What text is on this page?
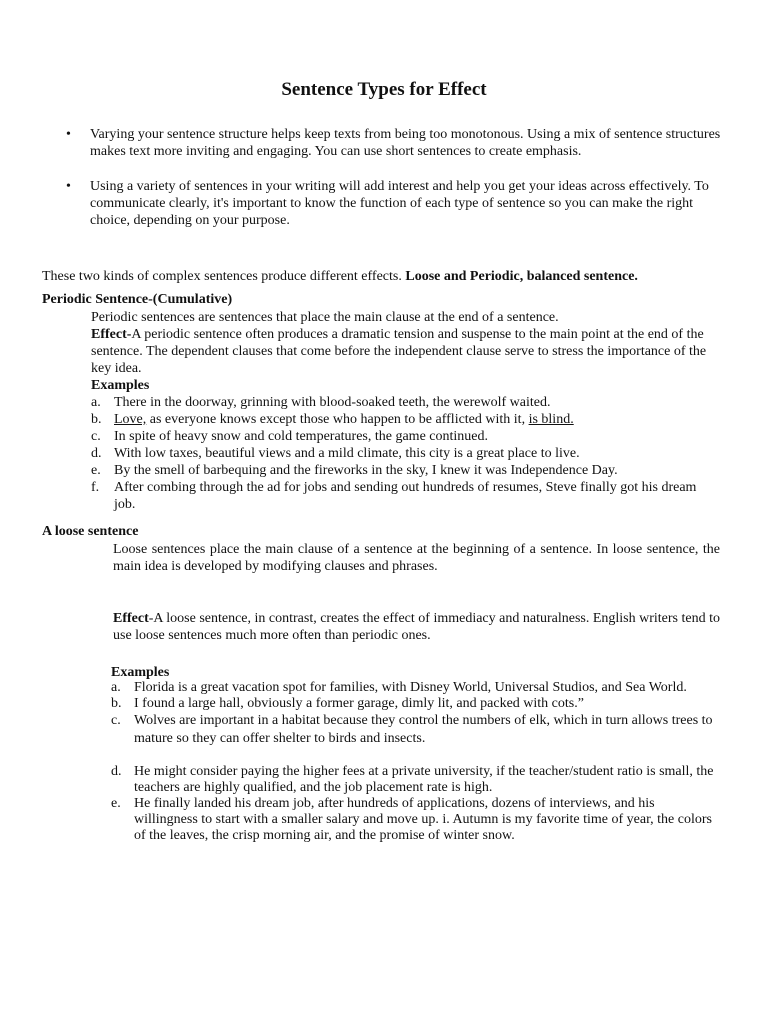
Sentence Types for Effect
• Varying your sentence structure helps keep texts from being too monotonous. Using a mix of sentence structures makes text more inviting and engaging. You can use short sentences to create emphasis.
• Using a variety of sentences in your writing will add interest and help you get your ideas across effectively. To communicate clearly, it's important to know the function of each type of sentence so you can make the right choice, depending on your purpose.
These two kinds of complex sentences produce different effects. Loose and Periodic, balanced sentence.
Periodic Sentence-(Cumulative)
Periodic sentences are sentences that place the main clause at the end of a sentence.
Effect-A periodic sentence often produces a dramatic tension and suspense to the main point at the end of the sentence. The dependent clauses that come before the independent clause serve to stress the importance of the key idea.
Examples
a. There in the doorway, grinning with blood-soaked teeth, the werewolf waited.
b. Love, as everyone knows except those who happen to be afflicted with it, is blind.
c. In spite of heavy snow and cold temperatures, the game continued.
d. With low taxes, beautiful views and a mild climate, this city is a great place to live.
e. By the smell of barbequing and the fireworks in the sky, I knew it was Independence Day.
f. After combing through the ad for jobs and sending out hundreds of resumes, Steve finally got his dream job.
A loose sentence
Loose sentences place the main clause of a sentence at the beginning of a sentence. In loose sentence, the main idea is developed by modifying clauses and phrases.
Effect-A loose sentence, in contrast, creates the effect of immediacy and naturalness. English writers tend to use loose sentences much more often than periodic ones.
Examples
a. Florida is a great vacation spot for families, with Disney World, Universal Studios, and Sea World.
b. I found a large hall, obviously a former garage, dimly lit, and packed with cots.”
c. Wolves are important in a habitat because they control the numbers of elk, which in turn allows trees to mature so they can offer shelter to birds and insects.
d. He might consider paying the higher fees at a private university, if the teacher/student ratio is small, the teachers are highly qualified, and the job placement rate is high.
e. He finally landed his dream job, after hundreds of applications, dozens of interviews, and his willingness to start with a smaller salary and move up. i. Autumn is my favorite time of year, the colors of the leaves, the crisp morning air, and the promise of winter snow.
